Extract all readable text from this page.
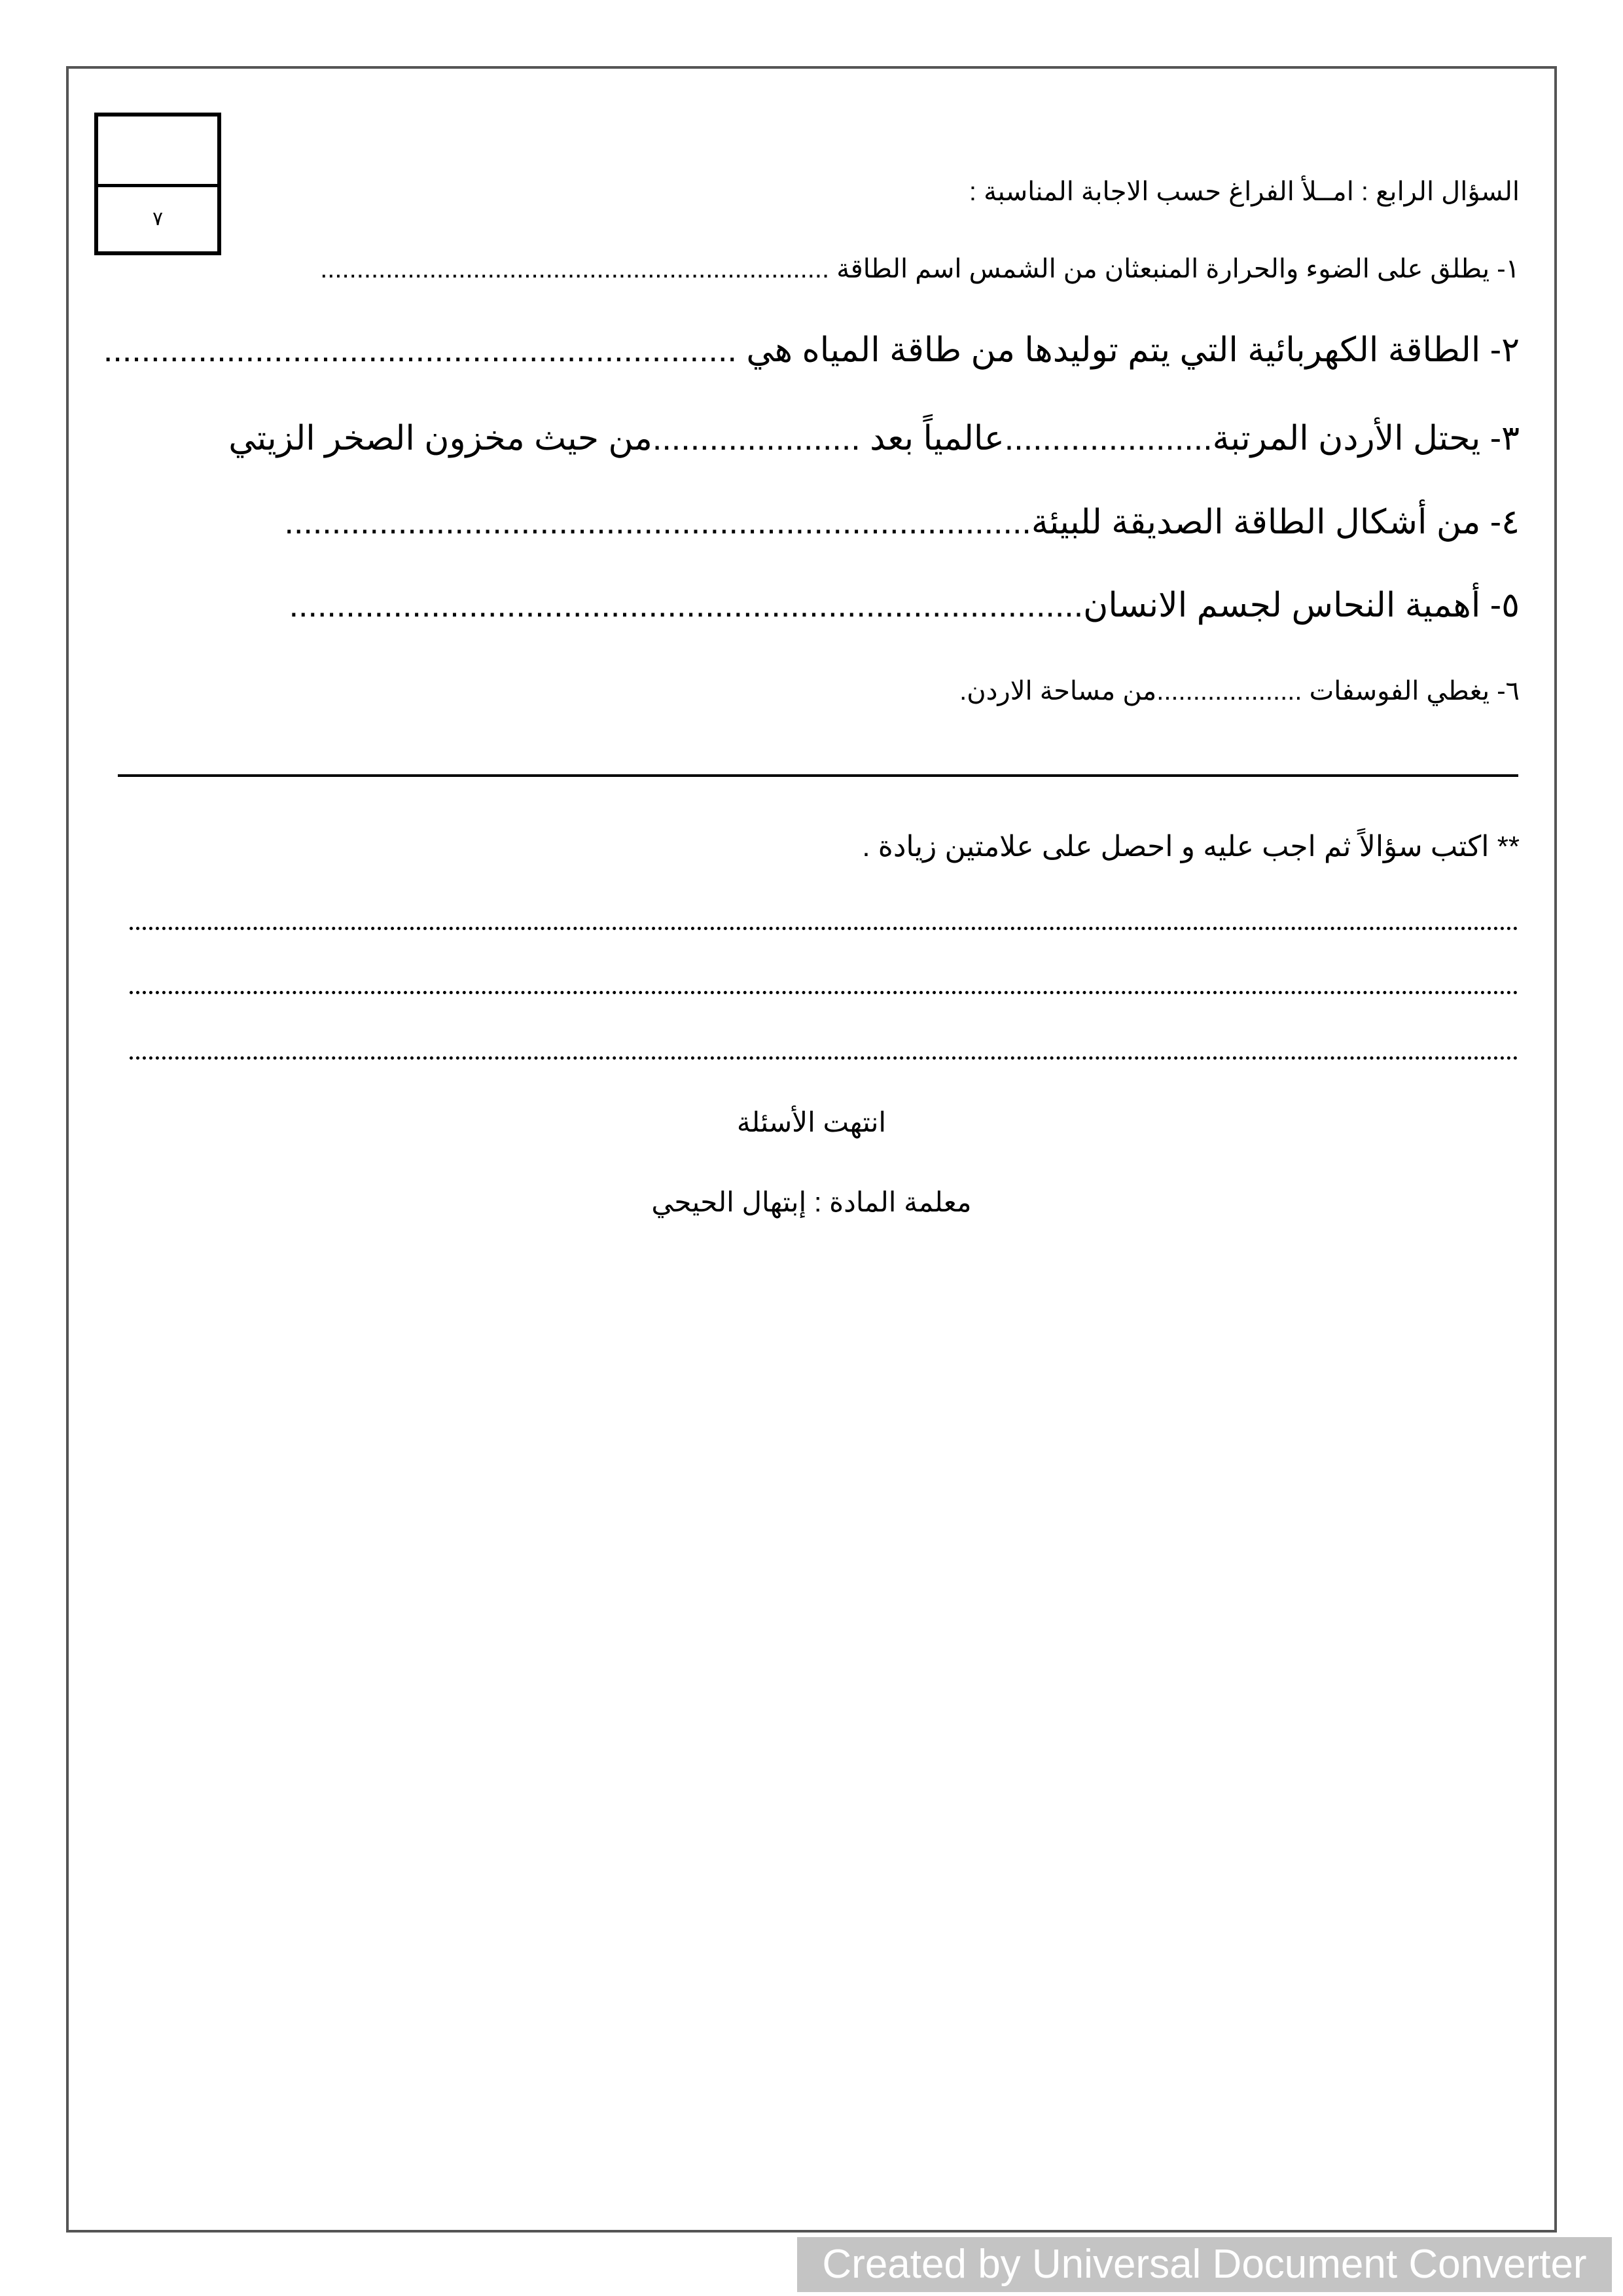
٧
السؤال الرابع : امــلأ الفراغ حسب الاجابة المناسبة :
١- يطلق على الضوء والحرارة المنبعثان من الشمس اسم الطاقة ......................................................................
٢- الطاقة الكهربائية التي يتم توليدها من طاقة المياه هي ...................................................................
٣- يحتل الأردن المرتبة......................عالمياً بعد ......................من حيث مخزون الصخر الزيتي
٤- من أشكال الطاقة الصديقة للبيئة...............................................................................
٥- أهمية النحاس لجسم الانسان....................................................................................
٦- يغطي الفوسفات ....................من مساحة الاردن.
** اكتب سؤالاً ثم اجب عليه و احصل على علامتين زيادة .
انتهت الأسئلة
معلمة المادة : إبتهال الحيحي
Created by Universal Document Converter
